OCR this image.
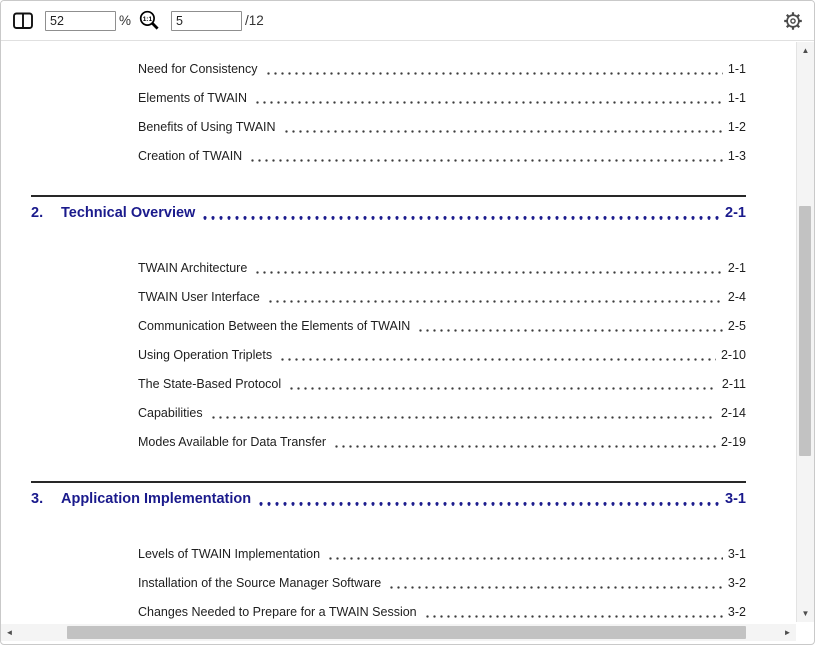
52
% 1:1
5	/12
Need for Consistency	1-1
Elements of TWAIN	1-1
Benefits of Using TWAIN	1-2
Creation of TWAIN	1-3
2.	Technical Overview	2-1
TWAIN Architecture	2-1
TWAIN User Interface	2-4
Communication Between the Elements of TWAIN	2-5
Using Operation Triplets	2-10
The State-Based Protocol	2-11
Capabilities	2-14
Modes Available for Data Transfer	2-19
3.	Application Implementation	3-1
Levels of TWAIN Implementation	3-1
Installation of the Source Manager Software	3-2
Changes Needed to Prepare for a TWAIN Session	3-2
▲
▼
◄	►
